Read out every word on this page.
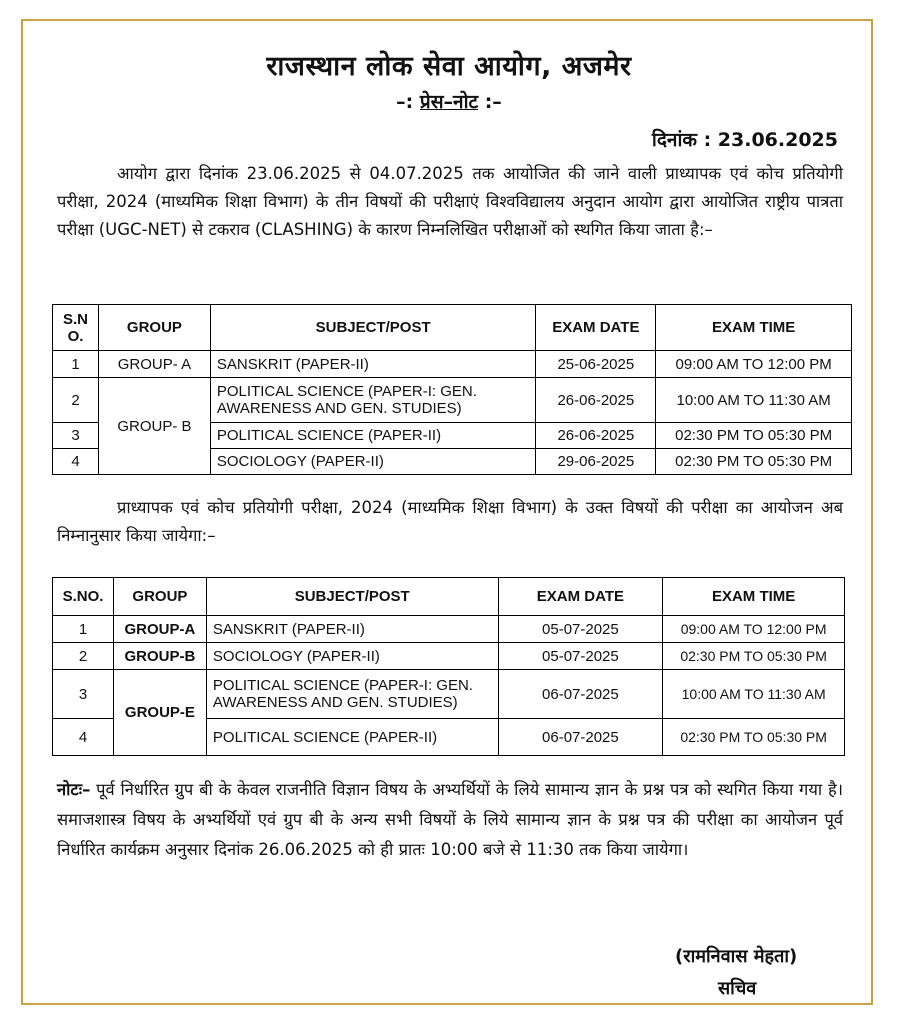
राजस्थान लोक सेवा आयोग, अजमेर
–: प्रेस–नोट :–
दिनांक : 23.06.2025
आयोग द्वारा दिनांक 23.06.2025 से 04.07.2025 तक आयोजित की जाने वाली प्राध्यापक एवं कोच प्रतियोगी परीक्षा, 2024 (माध्यमिक शिक्षा विभाग) के तीन विषयों की परीक्षाएं विश्वविद्यालय अनुदान आयोग द्वारा आयोजित राष्ट्रीय पात्रता परीक्षा (UGC-NET) से टकराव (CLASHING) के कारण निम्नलिखित परीक्षाओं को स्थगित किया जाता है:–
S.N O.	GROUP	SUBJECT/POST	EXAM DATE	EXAM TIME
1	GROUP- A	SANSKRIT (PAPER-II)	25-06-2025	09:00 AM TO 12:00 PM
2	GROUP- B	POLITICAL SCIENCE (PAPER-I: GEN. AWARENESS AND GEN. STUDIES)	26-06-2025	10:00 AM TO 11:30 AM
3		POLITICAL SCIENCE (PAPER-II)	26-06-2025	02:30 PM TO 05:30 PM
4		SOCIOLOGY (PAPER-II)	29-06-2025	02:30 PM TO 05:30 PM
प्राध्यापक एवं कोच प्रतियोगी परीक्षा, 2024 (माध्यमिक शिक्षा विभाग) के उक्त विषयों की परीक्षा का आयोजन अब निम्नानुसार किया जायेगा:–
S.NO.	GROUP	SUBJECT/POST	EXAM DATE	EXAM TIME
1	GROUP-A	SANSKRIT (PAPER-II)	05-07-2025	09:00 AM TO 12:00 PM
2	GROUP-B	SOCIOLOGY (PAPER-II)	05-07-2025	02:30 PM TO 05:30 PM
3	GROUP-E	POLITICAL SCIENCE (PAPER-I: GEN. AWARENESS AND GEN. STUDIES)	06-07-2025	10:00 AM TO 11:30 AM
4		POLITICAL SCIENCE (PAPER-II)	06-07-2025	02:30 PM TO 05:30 PM
नोटः– पूर्व निर्धारित ग्रुप बी के केवल राजनीति विज्ञान विषय के अभ्यर्थियों के लिये सामान्य ज्ञान के प्रश्न पत्र को स्थगित किया गया है। समाजशास्त्र विषय के अभ्यर्थियों एवं ग्रुप बी के अन्य सभी विषयों के लिये सामान्य ज्ञान के प्रश्न पत्र की परीक्षा का आयोजन पूर्व निर्धारित कार्यक्रम अनुसार दिनांक 26.06.2025 को ही प्रातः 10:00 बजे से 11:30 तक किया जायेगा।
(रामनिवास मेहता)
सचिव
